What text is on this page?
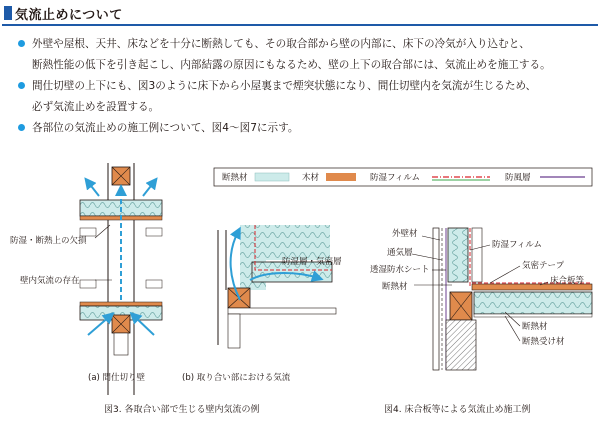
気流止めについて
外壁や屋根、天井、床などを十分に断熱しても、その取合部から壁の内部に、床下の冷気が入り込むと、
断熱性能の低下を引き起こし、内部結露の原因にもなるため、壁の上下の取合部には、気流止めを施工する。
間仕切壁の上下にも、図3のように床下から小屋裏まで煙突状態になり、間仕切壁内を気流が生じるため、
必ず気流止めを設置する。
各部位の気流止めの施工例について、図4～図7に示す。
防湿・断熱上の欠損
壁内気流の存在
(a) 間仕切り壁
防湿層・気密層
(b) 取り合い部における気流
図3. 各取合い部で生じる壁内気流の例
断熱材	木材	防湿フィルム	防風層
外壁材
通気層
透湿防水シート
断熱材
防湿フィルム
気密テープ
床合板等
断熱材
断熱受け材
図4. 床合板等による気流止め施工例
